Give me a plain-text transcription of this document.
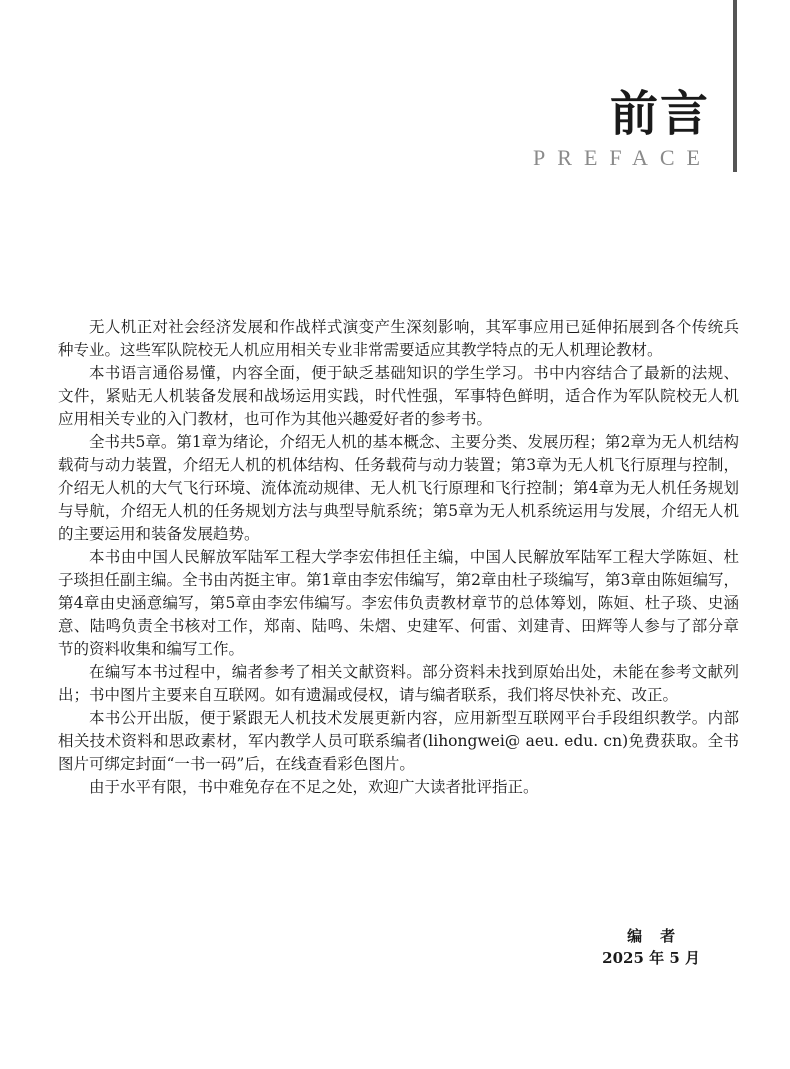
前言
PREFACE

无人机正对社会经济发展和作战样式演变产生深刻影响，其军事应用已延伸拓展到各个传统兵种专业。这些军队院校无人机应用相关专业非常需要适应其教学特点的无人机理论教材。

本书语言通俗易懂，内容全面，便于缺乏基础知识的学生学习。书中内容结合了最新的法规、文件，紧贴无人机装备发展和战场运用实践，时代性强，军事特色鲜明，适合作为军队院校无人机应用相关专业的入门教材，也可作为其他兴趣爱好者的参考书。

全书共5章。第1章为绪论，介绍无人机的基本概念、主要分类、发展历程；第2章为无人机结构载荷与动力装置，介绍无人机的机体结构、任务载荷与动力装置；第3章为无人机飞行原理与控制，介绍无人机的大气飞行环境、流体流动规律、无人机飞行原理和飞行控制；第4章为无人机任务规划与导航，介绍无人机的任务规划方法与典型导航系统；第5章为无人机系统运用与发展，介绍无人机的主要运用和装备发展趋势。

本书由中国人民解放军陆军工程大学李宏伟担任主编，中国人民解放军陆军工程大学陈姮、杜子琰担任副主编。全书由芮挺主审。第1章由李宏伟编写，第2章由杜子琰编写，第3章由陈姮编写，第4章由史涵意编写，第5章由李宏伟编写。李宏伟负责教材章节的总体筹划，陈姮、杜子琰、史涵意、陆鸣负责全书核对工作，郑南、陆鸣、朱熠、史建军、何雷、刘建青、田辉等人参与了部分章节的资料收集和编写工作。

在编写本书过程中，编者参考了相关文献资料。部分资料未找到原始出处，未能在参考文献列出；书中图片主要来自互联网。如有遗漏或侵权，请与编者联系，我们将尽快补充、改正。

本书公开出版，便于紧跟无人机技术发展更新内容，应用新型互联网平台手段组织教学。内部相关技术资料和思政素材，军内教学人员可联系编者(lihongwei@ aeu. edu. cn)免费获取。全书图片可绑定封面“一书一码”后，在线查看彩色图片。

由于水平有限，书中难免存在不足之处，欢迎广大读者批评指正。

编者
2025 年 5 月
